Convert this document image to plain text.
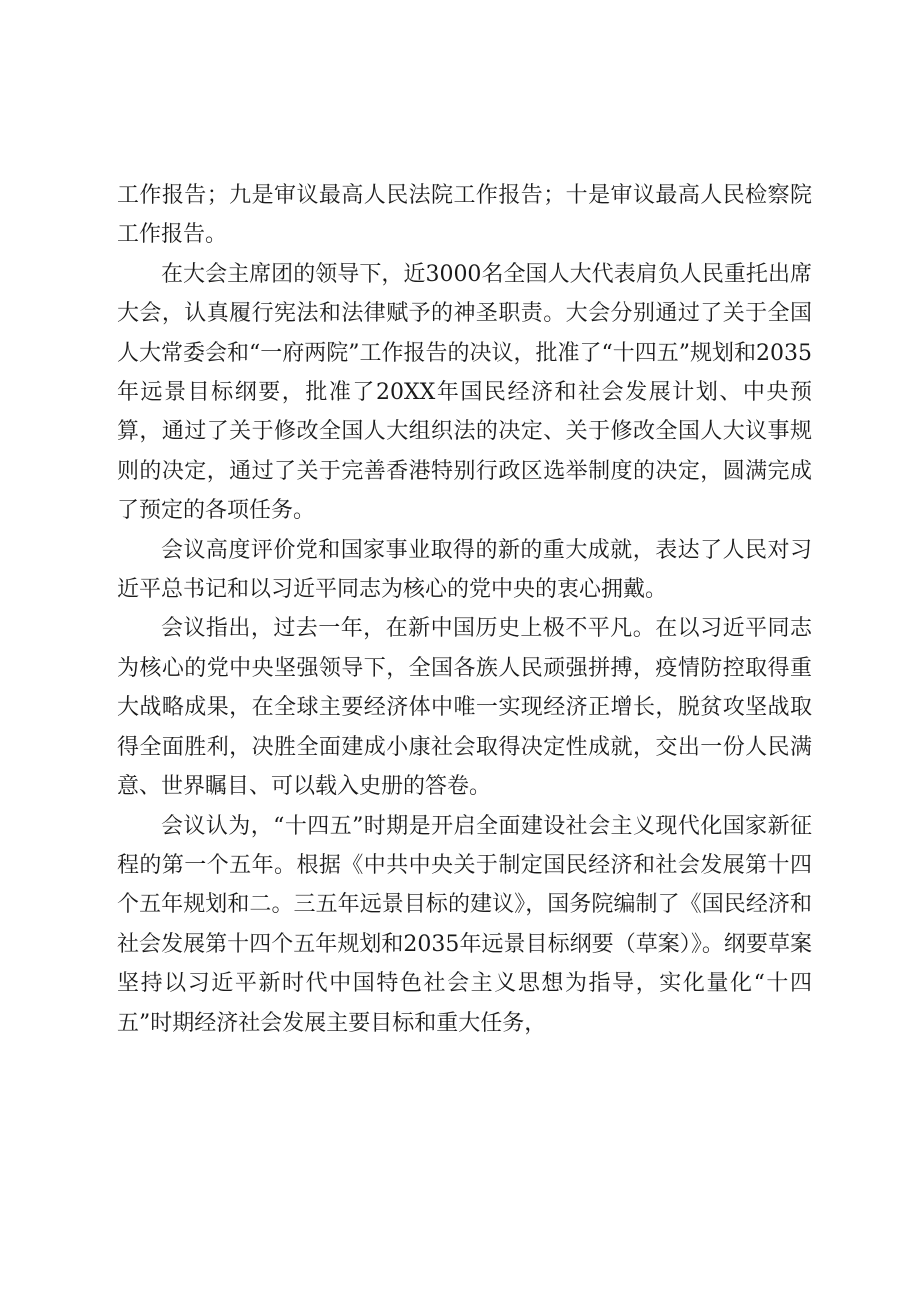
工作报告；九是审议最高人民法院工作报告；十是审议最高人民检察院工作报告。

在大会主席团的领导下，近3000名全国人大代表肩负人民重托出席大会，认真履行宪法和法律赋予的神圣职责。大会分别通过了关于全国人大常委会和“一府两院”工作报告的决议，批准了“十四五”规划和2035年远景目标纲要，批准了20XX年国民经济和社会发展计划、中央预算，通过了关于修改全国人大组织法的决定、关于修改全国人大议事规则的决定，通过了关于完善香港特别行政区选举制度的决定，圆满完成了预定的各项任务。

会议高度评价党和国家事业取得的新的重大成就，表达了人民对习近平总书记和以习近平同志为核心的党中央的衷心拥戴。

会议指出，过去一年，在新中国历史上极不平凡。在以习近平同志为核心的党中央坚强领导下，全国各族人民顽强拼搏，疫情防控取得重大战略成果，在全球主要经济体中唯一实现经济正增长，脱贫攻坚战取得全面胜利，决胜全面建成小康社会取得决定性成就，交出一份人民满意、世界瞩目、可以载入史册的答卷。

会议认为，“十四五”时期是开启全面建设社会主义现代化国家新征程的第一个五年。根据《中共中央关于制定国民经济和社会发展第十四个五年规划和二。三五年远景目标的建议》，国务院编制了《国民经济和社会发展第十四个五年规划和2035年远景目标纲要（草案）》。纲要草案坚持以习近平新时代中国特色社会主义思想为指导，实化量化“十四五”时期经济社会发展主要目标和重大任务，
